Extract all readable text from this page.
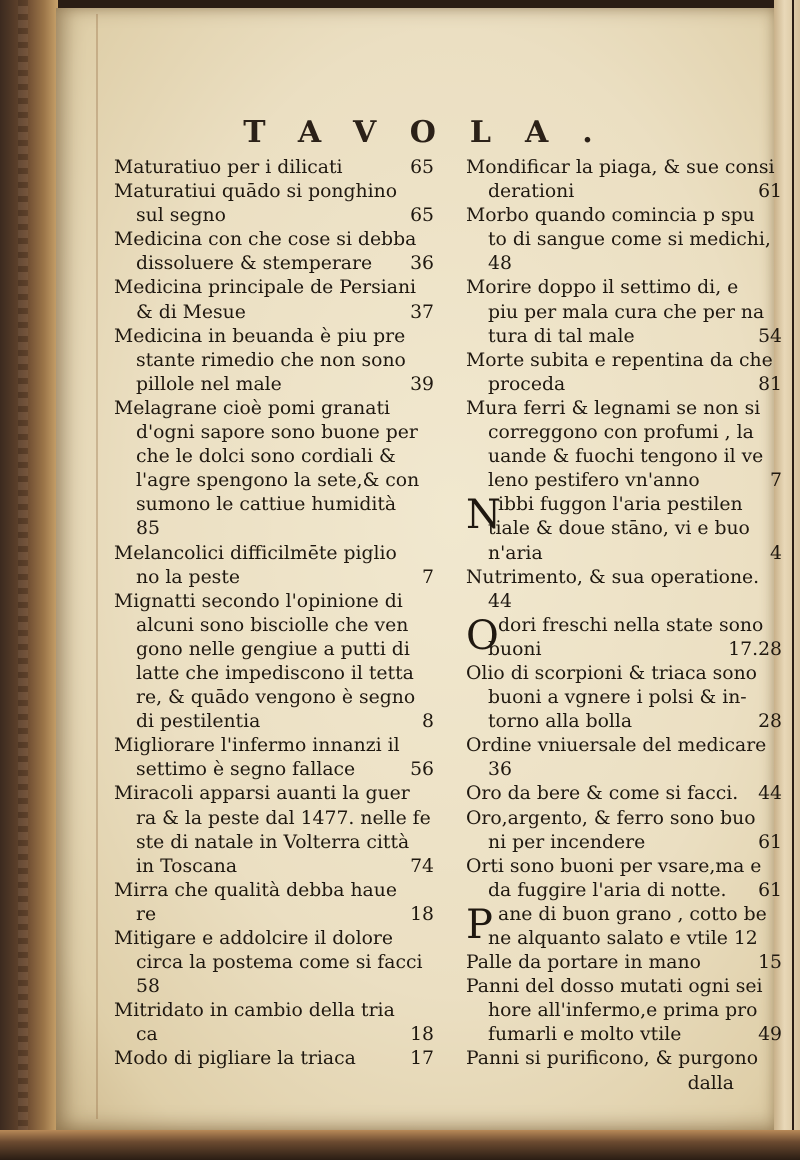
TAVOLA.
Maturatiuo per i dilicati	65
Maturatiui quādo si ponghino
sul segno	65
Medicina con che cose si debba
dissoluere & stemperare 36
Medicina principale de Persiani
& di Mesue	37
Medicina in beuanda è piu pre
stante rimedio che non sono
pillole nel male	39
Melagrane cioè pomi granati
d'ogni sapore sono buone per
che le dolci sono cordiali &
l'agre spengono la sete,& con
sumono le cattiue humidità
85
Melancolici difficilmēte piglio
no la peste	7
Mignatti secondo l'opinione di
alcuni sono bisciolle che ven
gono nelle gengiue a putti di
latte che impediscono il tetta
re, & quādo vengono è segno
di pestilentia	8
Migliorare l'infermo innanzi il
settimo è segno fallace	56
Miracoli apparsi auanti la guer
ra & la peste dal 1477. nelle fe
ste di natale in Volterra città
in Toscana	74
Mirra che qualità debba haue
re	18
Mitigare e addolcire il dolore
circa la postema come si facci
58
Mitridato in cambio della tria
ca	18
Modo di pigliare la triaca	17
Mondificar la piaga, & sue consi
derationi	61
Morbo quando comincia p spu
to di sangue come si medichi,
48
Morire doppo il settimo di, e
piu per mala cura che per na
tura di tal male	54
Morte subita e repentina da che
proceda	81
Mura ferri & legnami se non si
correggono con profumi , la
uande & fuochi tengono il ve
leno pestifero vn'anno	7
N
ibbi fuggon l'aria pestilen
tiale & doue stāno, vi e buo
n'aria	4
Nutrimento, & sua operatione.
44
O dori freschi nella state sono
buoni	17.28
Olio di scorpioni & triaca sono
buoni a vgnere i polsi & in-
torno alla bolla	28
Ordine vniuersale del medicare
36
Oro da bere & come si facci. 44
Oro,argento, & ferro sono buo
ni per incendere	61
Orti sono buoni per vsare,ma e
da fuggire l'aria di notte. 61
P ane di buon grano , cotto be
ne alquanto salato e vtile 12
Palle da portare in mano	15
Panni del dosso mutati ogni sei
hore all'infermo,e prima pro
fumarli e molto vtile	49
Panni si purificono, & purgono
dalla
